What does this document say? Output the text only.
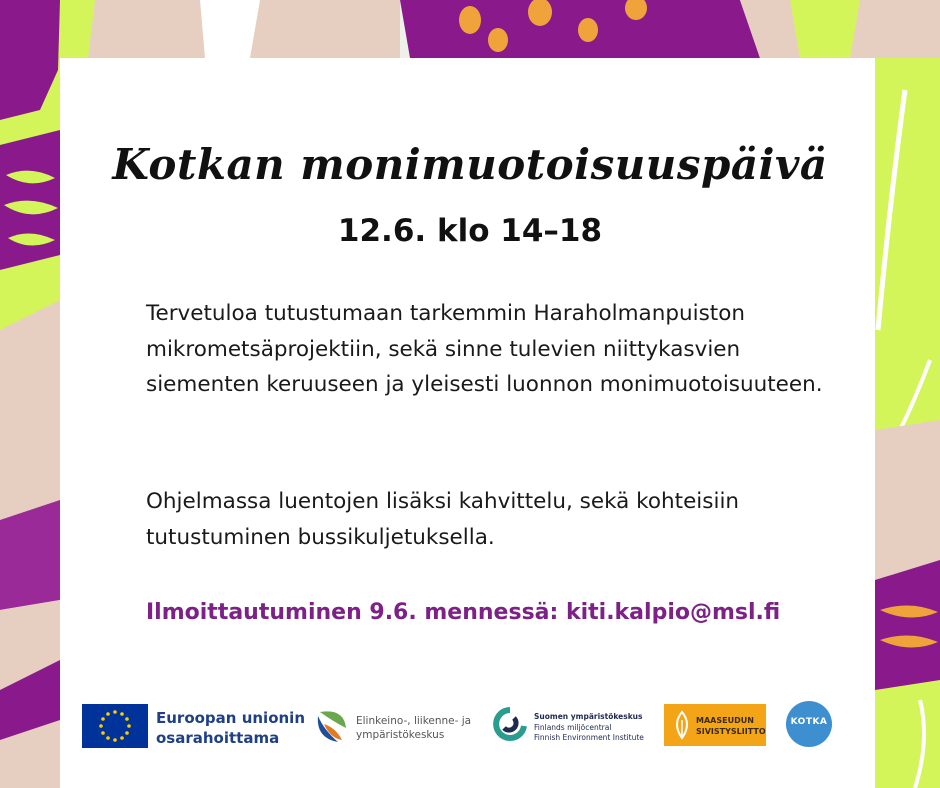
Kotkan monimuotoisuuspäivä
12.6. klo 14–18

Tervetuloa tutustumaan tarkemmin Haraholmanpuiston mikrometsäprojektiin, sekä sinne tulevien niittykasvien siementen keruuseen ja yleisesti luonnon monimuotoisuuteen.

Ohjelmassa luentojen lisäksi kahvittelu, sekä kohteisiin tutustuminen bussikuljetuksella.

Ilmoittautuminen 9.6. mennessä: kiti.kalpio@msl.fi
Euroopan unionin
osarahoittama
Elinkeino-, liikenne- ja
ympäristökeskus
Suomen ympäristökeskus
Finlands miljöcentral
Finnish Environment Institute
MAASEUDUN
SIVISTYSLIITTO
KOTKA
